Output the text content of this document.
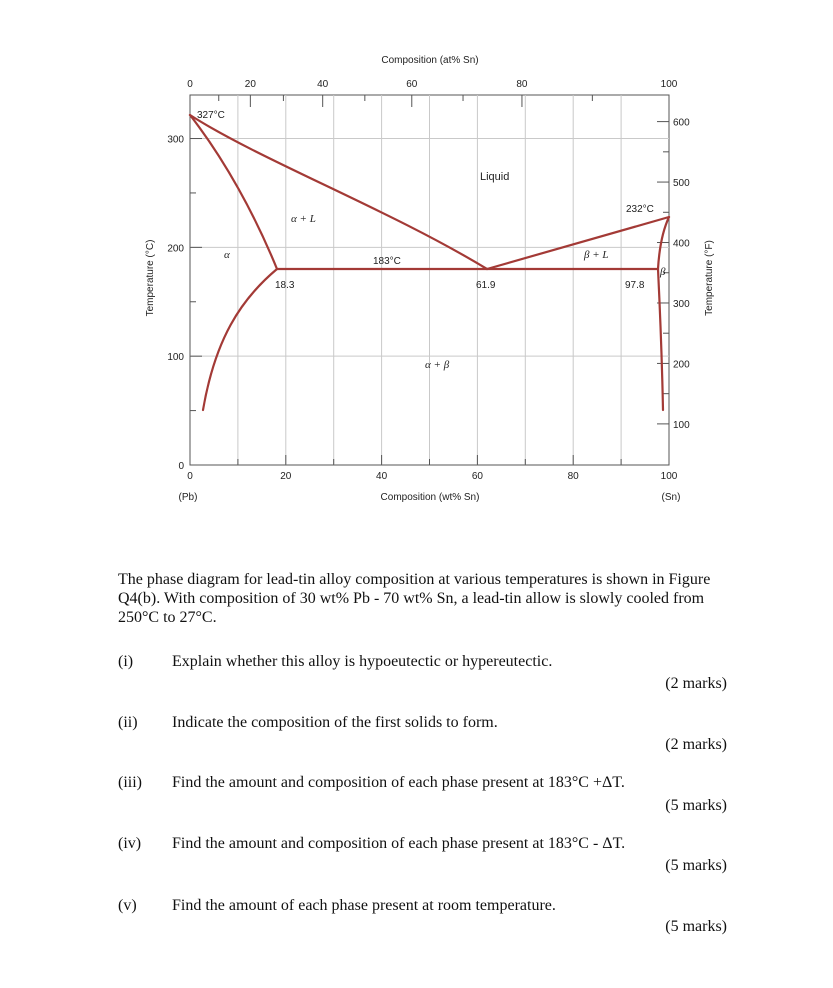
Composition (at% Sn)
Composition (wt% Sn)
Temperature (°C)	Temperature (°F)
(Pb)	(Sn)
0	20	40	60	80	100
0	20	40	60	80	100
0
100
200
300
100
200
300
400
500
600
327°C
232°C
183°C
18.3	61.9	97.8
Liquid
α + L
β + L
α
β
α + β
The phase diagram for lead-tin alloy composition at various temperatures is shown in Figure Q4(b). With composition of 30 wt% Pb - 70 wt% Sn, a lead-tin allow is slowly cooled from 250°C to 27°C.
(i) Explain whether this alloy is hypoeutectic or hypereutectic.
(2 marks)
(ii) Indicate the composition of the first solids to form.
(2 marks)
(iii) Find the amount and composition of each phase present at 183°C +ΔT.
(5 marks)
(iv) Find the amount and composition of each phase present at 183°C - ΔT.
(5 marks)
(v) Find the amount of each phase present at room temperature.
(5 marks)
